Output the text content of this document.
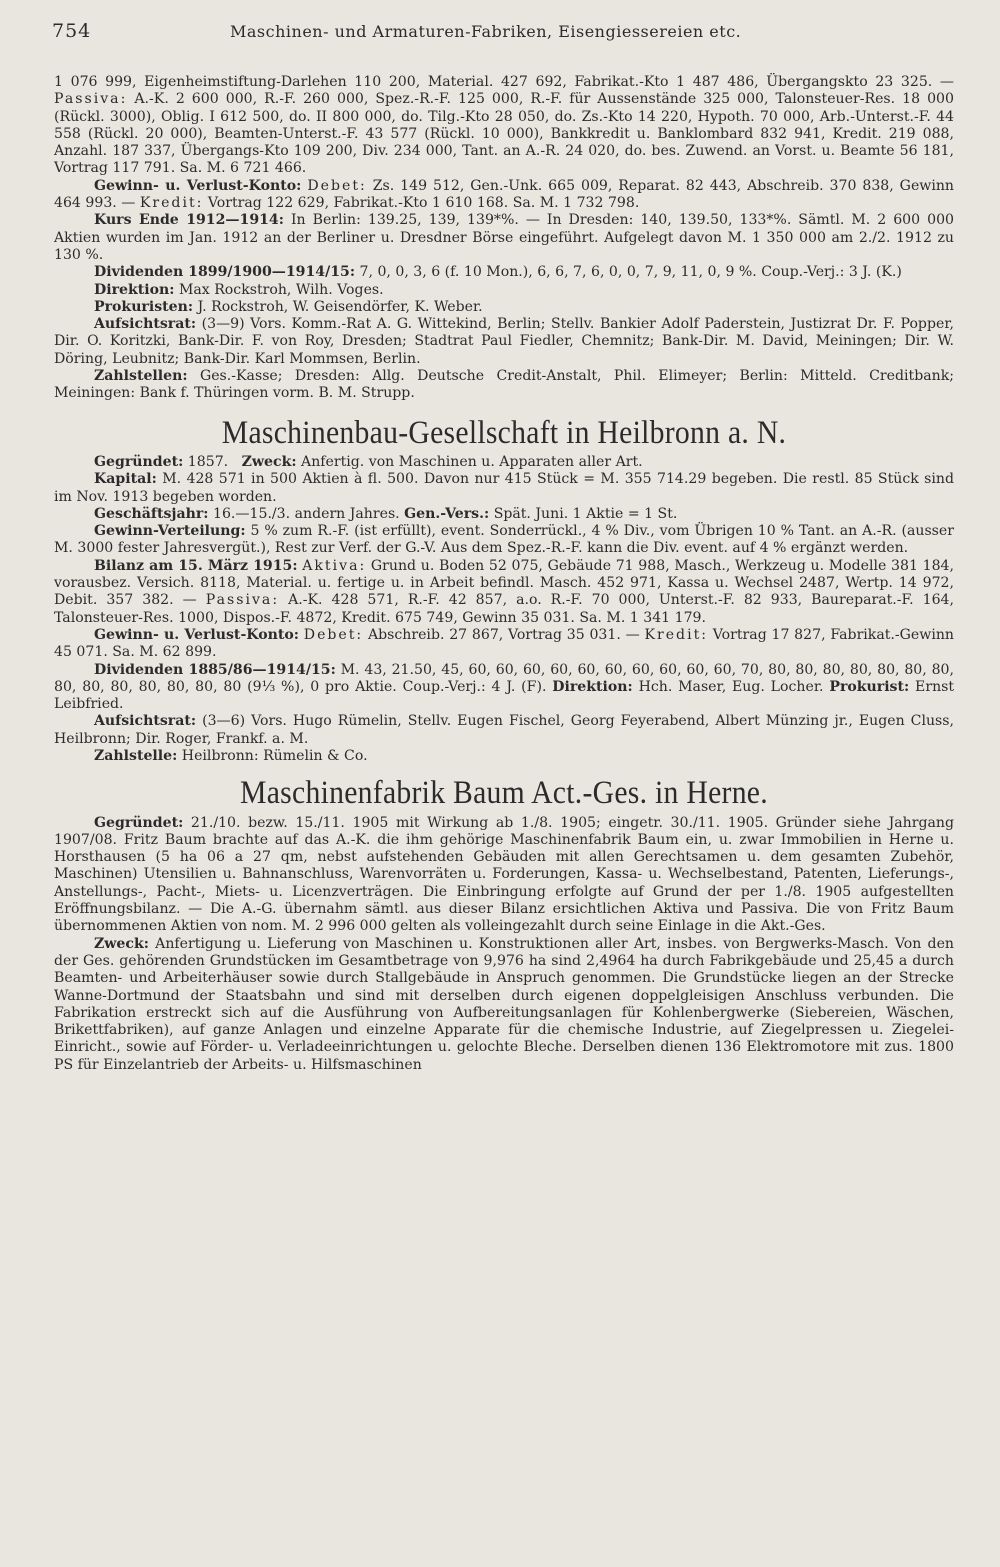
754	Maschinen- und Armaturen-Fabriken, Eisengiessereien etc.

1 076 999, Eigenheimstiftung-Darlehen 110 200, Material. 427 692, Fabrikat.-Kto 1 487 486, Übergangskto 23 325. — Passiva: A.-K. 2 600 000, R.-F. 260 000, Spez.-R.-F. 125 000, R.-F. für Aussenstände 325 000, Talonsteuer-Res. 18 000 (Rückl. 3000), Oblig. I 612 500, do. II 800 000, do. Tilg.-Kto 28 050, do. Zs.-Kto 14 220, Hypoth. 70 000, Arb.-Unterst.-F. 44 558 (Rückl. 20 000), Beamten-Unterst.-F. 43 577 (Rückl. 10 000), Bankkredit u. Banklombard 832 941, Kredit. 219 088, Anzahl. 187 337, Übergangs-Kto 109 200, Div. 234 000, Tant. an A.-R. 24 020, do. bes. Zuwend. an Vorst. u. Beamte 56 181, Vortrag 117 791. Sa. M. 6 721 466.

Gewinn- u. Verlust-Konto: Debet: Zs. 149 512, Gen.-Unk. 665 009, Reparat. 82 443, Abschreib. 370 838, Gewinn 464 993. — Kredit: Vortrag 122 629, Fabrikat.-Kto 1 610 168. Sa. M. 1 732 798.

Kurs Ende 1912—1914: In Berlin: 139.25, 139, 139*%. — In Dresden: 140, 139.50, 133*%. Sämtl. M. 2 600 000 Aktien wurden im Jan. 1912 an der Berliner u. Dresdner Börse eingeführt. Aufgelegt davon M. 1 350 000 am 2./2. 1912 zu 130 %.

Dividenden 1899/1900—1914/15: 7, 0, 0, 3, 6 (f. 10 Mon.), 6, 6, 7, 6, 0, 0, 7, 9, 11, 0, 9 %. Coup.-Verj.: 3 J. (K.)

Direktion: Max Rockstroh, Wilh. Voges.

Prokuristen: J. Rockstroh, W. Geisendörfer, K. Weber.

Aufsichtsrat: (3—9) Vors. Komm.-Rat A. G. Wittekind, Berlin; Stellv. Bankier Adolf Paderstein, Justizrat Dr. F. Popper, Dir. O. Koritzki, Bank-Dir. F. von Roy, Dresden; Stadtrat Paul Fiedler, Chemnitz; Bank-Dir. M. David, Meiningen; Dir. W. Döring, Leubnitz; Bank-Dir. Karl Mommsen, Berlin.

Zahlstellen: Ges.-Kasse; Dresden: Allg. Deutsche Credit-Anstalt, Phil. Elimeyer; Berlin: Mitteld. Creditbank; Meiningen: Bank f. Thüringen vorm. B. M. Strupp.

Maschinenbau-Gesellschaft in Heilbronn a. N.

Gegründet: 1857. Zweck: Anfertig. von Maschinen u. Apparaten aller Art.

Kapital: M. 428 571 in 500 Aktien à fl. 500. Davon nur 415 Stück = M. 355 714.29 begeben. Die restl. 85 Stück sind im Nov. 1913 begeben worden.

Geschäftsjahr: 16.—15./3. andern Jahres. Gen.-Vers.: Spät. Juni. 1 Aktie = 1 St.

Gewinn-Verteilung: 5 % zum R.-F. (ist erfüllt), event. Sonderrückl., 4 % Div., vom Übrigen 10 % Tant. an A.-R. (ausser M. 3000 fester Jahresvergüt.), Rest zur Verf. der G.-V. Aus dem Spez.-R.-F. kann die Div. event. auf 4 % ergänzt werden.

Bilanz am 15. März 1915: Aktiva: Grund u. Boden 52 075, Gebäude 71 988, Masch., Werkzeug u. Modelle 381 184, vorausbez. Versich. 8118, Material. u. fertige u. in Arbeit befindl. Masch. 452 971, Kassa u. Wechsel 2487, Wertp. 14 972, Debit. 357 382. — Passiva: A.-K. 428 571, R.-F. 42 857, a.o. R.-F. 70 000, Unterst.-F. 82 933, Baureparat.-F. 164, Talonsteuer-Res. 1000, Dispos.-F. 4872, Kredit. 675 749, Gewinn 35 031. Sa. M. 1 341 179.

Gewinn- u. Verlust-Konto: Debet: Abschreib. 27 867, Vortrag 35 031. — Kredit: Vortrag 17 827, Fabrikat.-Gewinn 45 071. Sa. M. 62 899.

Dividenden 1885/86—1914/15: M. 43, 21.50, 45, 60, 60, 60, 60, 60, 60, 60, 60, 60, 60, 70, 80, 80, 80, 80, 80, 80, 80, 80, 80, 80, 80, 80, 80, 80 (9⅓ %), 0 pro Aktie. Coup.-Verj.: 4 J. (F). Direktion: Hch. Maser, Eug. Locher. Prokurist: Ernst Leibfried.

Aufsichtsrat: (3—6) Vors. Hugo Rümelin, Stellv. Eugen Fischel, Georg Feyerabend, Albert Münzing jr., Eugen Cluss, Heilbronn; Dir. Roger, Frankf. a. M.

Zahlstelle: Heilbronn: Rümelin & Co.

Maschinenfabrik Baum Act.-Ges. in Herne.

Gegründet: 21./10. bezw. 15./11. 1905 mit Wirkung ab 1./8. 1905; eingetr. 30./11. 1905. Gründer siehe Jahrgang 1907/08. Fritz Baum brachte auf das A.-K. die ihm gehörige Maschinenfabrik Baum ein, u. zwar Immobilien in Herne u. Horsthausen (5 ha 06 a 27 qm, nebst aufstehenden Gebäuden mit allen Gerechtsamen u. dem gesamten Zubehör, Maschinen) Utensilien u. Bahnanschluss, Warenvorräten u. Forderungen, Kassa- u. Wechselbestand, Patenten, Lieferungs-, Anstellungs-, Pacht-, Miets- u. Licenzverträgen. Die Einbringung erfolgte auf Grund der per 1./8. 1905 aufgestellten Eröffnungsbilanz. — Die A.-G. übernahm sämtl. aus dieser Bilanz ersichtlichen Aktiva und Passiva. Die von Fritz Baum übernommenen Aktien von nom. M. 2 996 000 gelten als volleingezahlt durch seine Einlage in die Akt.-Ges.

Zweck: Anfertigung u. Lieferung von Maschinen u. Konstruktionen aller Art, insbes. von Bergwerks-Masch. Von den der Ges. gehörenden Grundstücken im Gesamtbetrage von 9,976 ha sind 2,4964 ha durch Fabrikgebäude und 25,45 a durch Beamten- und Arbeiterhäuser sowie durch Stallgebäude in Anspruch genommen. Die Grundstücke liegen an der Strecke Wanne-Dortmund der Staatsbahn und sind mit derselben durch eigenen doppelgleisigen Anschluss verbunden. Die Fabrikation erstreckt sich auf die Ausführung von Aufbereitungsanlagen für Kohlenbergwerke (Siebereien, Wäschen, Brikettfabriken), auf ganze Anlagen und einzelne Apparate für die chemische Industrie, auf Ziegelpressen u. Ziegelei-Einricht., sowie auf Förder- u. Verladeeinrichtungen u. gelochte Bleche. Derselben dienen 136 Elektromotore mit zus. 1800 PS für Einzelantrieb der Arbeits- u. Hilfsmaschinen
